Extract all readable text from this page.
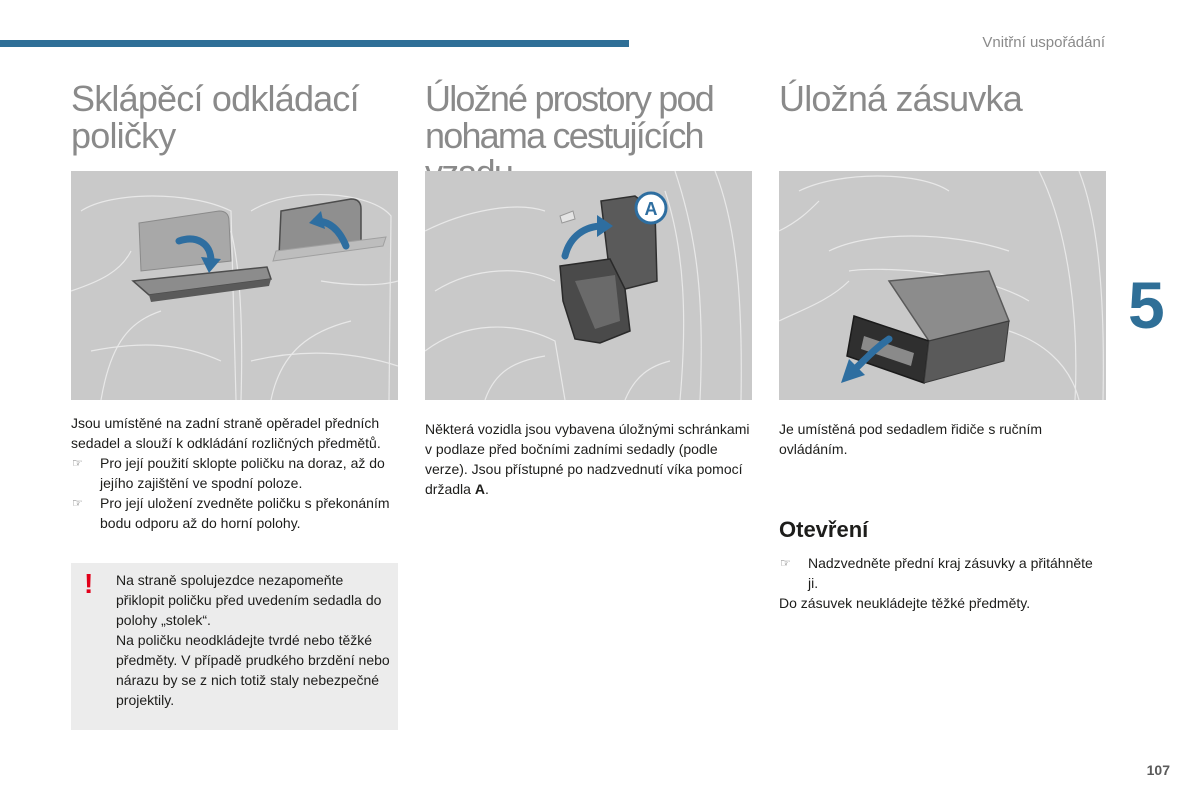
Vnitřní uspořádání
5
107
Sklápěcí odkládací
poličky

Jsou umístěné na zadní straně opěradel předních sedadel a slouží k odkládání rozličných předmětů.

☞ Pro její použití sklopte poličku na doraz, až do jejího zajištění ve spodní poloze.

☞ Pro její uložení zvedněte poličku s překonáním bodu odporu až do horní polohy.

! Na straně spolujezdce nezapomeňte přiklopit poličku před uvedením sedadla do polohy „stolek“.

Na poličku neodkládejte tvrdé nebo těžké předměty. V případě prudkého brzdění nebo nárazu by se z nich totiž staly nebezpečné projektily.

Úložné prostory pod
nohama cestujících
A

Některá vozidla jsou vybavena úložnými schránkami v podlaze před bočními zadními sedadly (podle verze). Jsou přístupné po nadzvednutí víka pomocí držadla A.

Úložná zásuvka

Je umístěná pod sedadlem řidiče s ručním ovládáním.

Otevření

☞ Nadzvedněte přední kraj zásuvky a přitáhněte ji.

Do zásuvek neukládejte těžké předměty.
